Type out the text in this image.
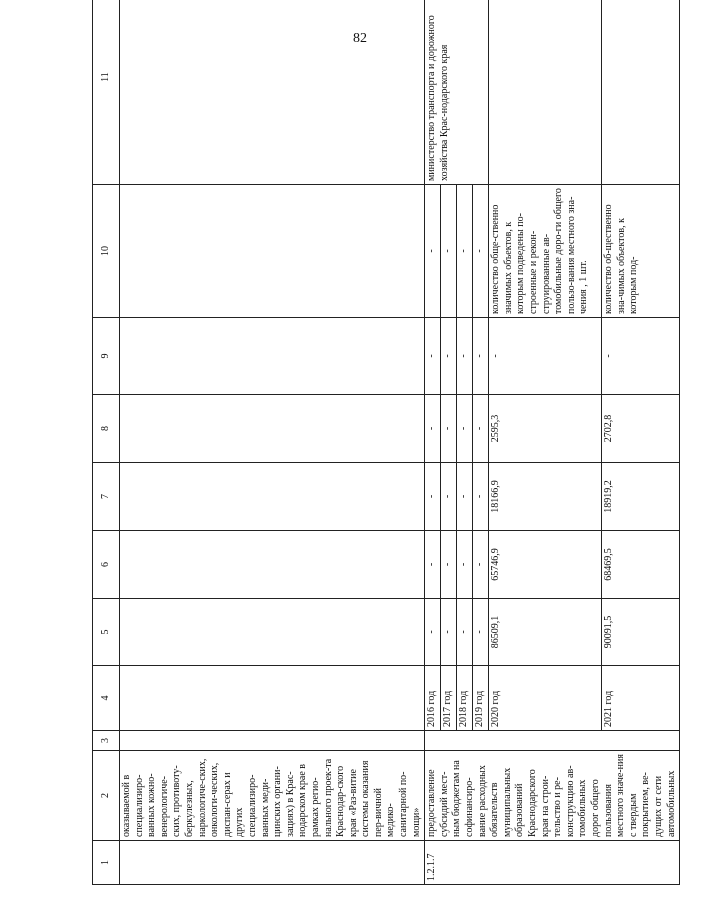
82
1	2	3	4	5	6	7	8	9	10	11
	оказываемой в специализиро-ванных кожно-венерологиче-ских, противоту-беркулезных, наркологиче-ских, онкологи-ческих, диспан-серах и других специализиро-ванных меди-цинских органи-зациях) в Крас-нодарском крае в рамках регио-нального проек-та Краснодар-ского края «Раз-витие системы оказания пер-вичной медико-санитарной по-мощи»									
1.2.1.7	предоставление субсидий мест-ным бюджетам на софинансиро-вание расходных обязательств муниципальных образований Краснодарского края на строи-тельство и ре-конструкцию ав-томобильных дорог общего пользования местного значе-ния с твердым покрытием, ве-дущих от сети автомобильных		2016 год	-	-	-	-	-	-	министерство транспорта и дорожного хозяйства Крас-нодарского края
			2017 год	-	-	-	-	-	-	
			2018 год	-	-	-	-	-	-	
			2019 год	-	-	-	-	-	-	
			2020 год	86509,1	65746,9	18166,9	2595,3	-	количество обще-ственно значимых объектов, к которым подведены по-строенные и рекон-струированные ав-томобильные доро-ги общего пользо-вания местного зна-чения , 1 шт.	
			2021 год	90091,5	68469,5	18919,2	2702,8	-	количество об-щественно зна-чимых объектов, к которым под-	
